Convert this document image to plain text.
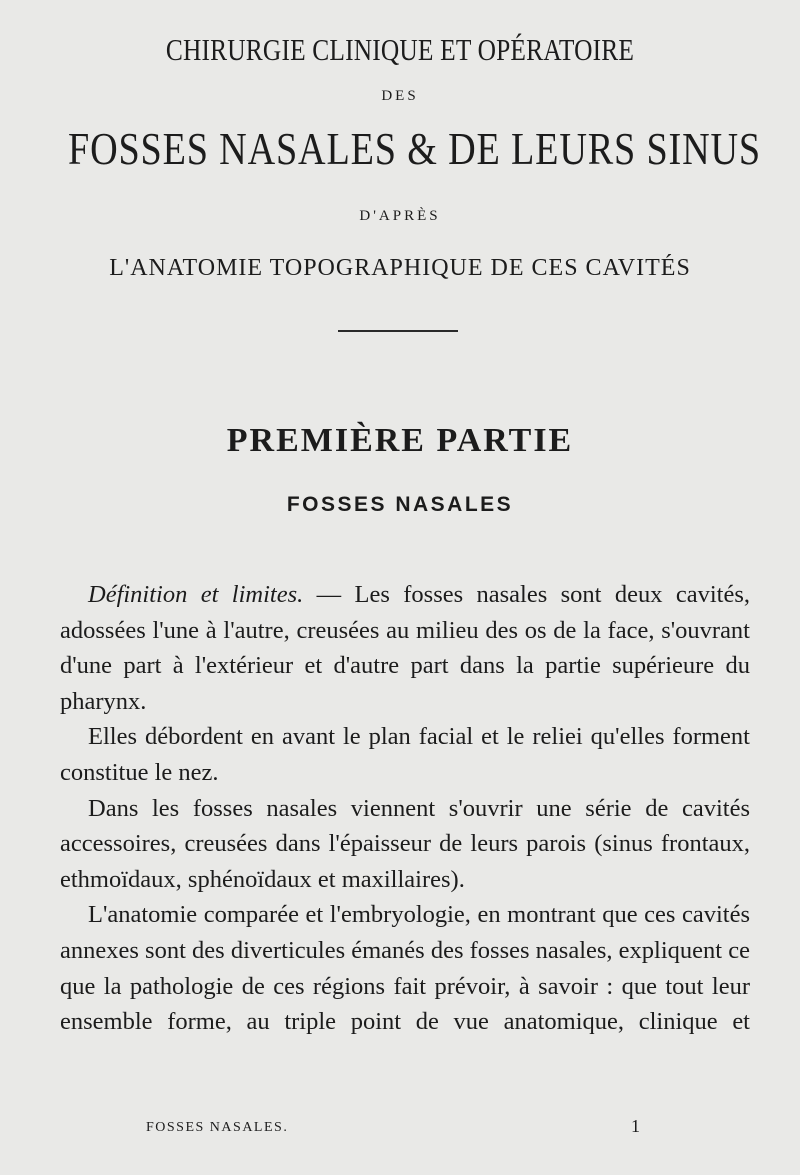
CHIRURGIE CLINIQUE ET OPÉRATOIRE
DES
FOSSES NASALES & DE LEURS SINUS
D'APRÈS
L'ANATOMIE TOPOGRAPHIQUE DE CES CAVITÉS
PREMIÈRE PARTIE
FOSSES NASALES

Définition et limites. — Les fosses nasales sont deux cavités, adossées l'une à l'autre, creusées au milieu des os de la face, s'ouvrant d'une part à l'extérieur et d'autre part dans la partie supérieure du pharynx.

Elles débordent en avant le plan facial et le reliei qu'elles forment constitue le nez.

Dans les fosses nasales viennent s'ouvrir une série de cavités accessoires, creusées dans l'épaisseur de leurs parois (sinus frontaux, ethmoïdaux, sphénoïdaux et maxillaires).

L'anatomie comparée et l'embryologie, en montrant que ces cavités annexes sont des diverticules émanés des fosses nasales, expliquent ce que la pathologie de ces régions fait prévoir, à savoir : que tout leur ensemble forme, au triple point de vue anatomique, clinique et

FOSSES NASALES.	1
